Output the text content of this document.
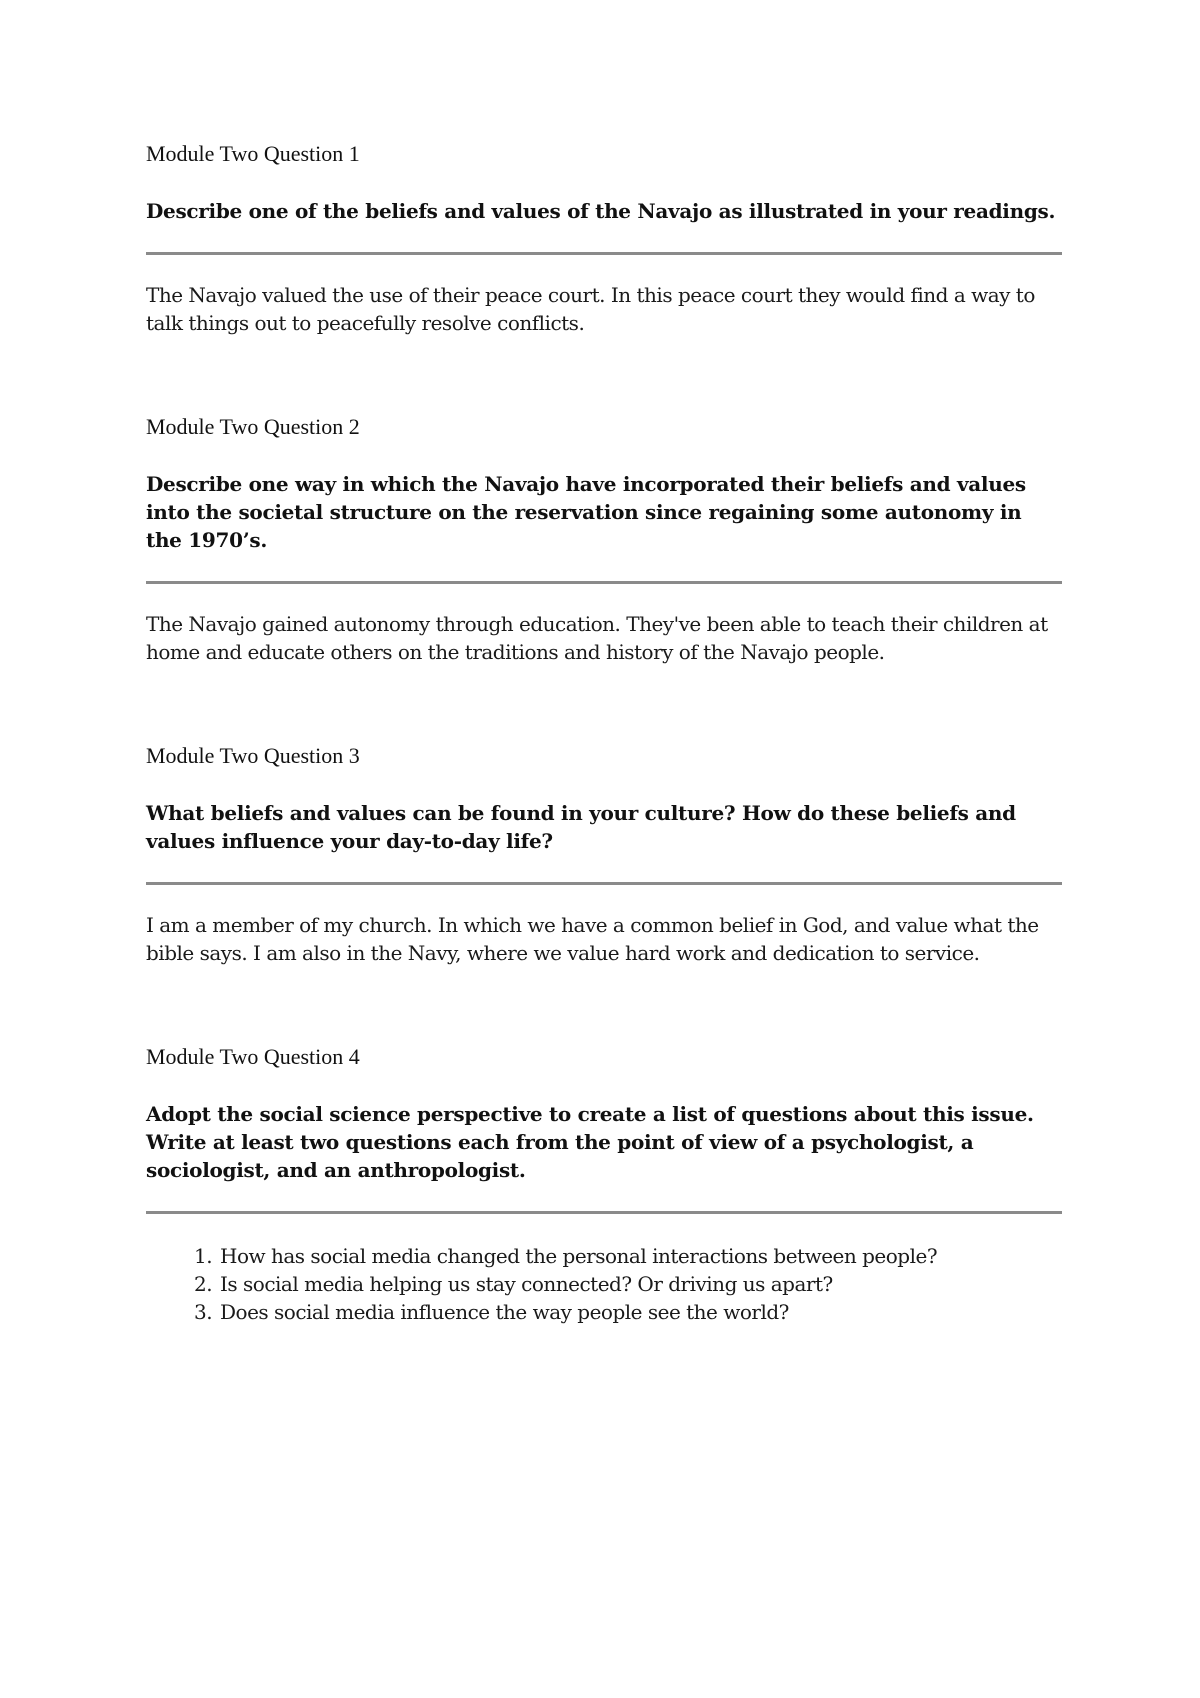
Module Two Question 1

Describe one of the beliefs and values of the Navajo as illustrated in your readings.

The Navajo valued the use of their peace court. In this peace court they would find a way to talk things out to peacefully resolve conflicts.

Module Two Question 2

Describe one way in which the Navajo have incorporated their beliefs and values into the societal structure on the reservation since regaining some autonomy in the 1970’s.

The Navajo gained autonomy through education. They've been able to teach their children at home and educate others on the traditions and history of the Navajo people.

Module Two Question 3

What beliefs and values can be found in your culture? How do these beliefs and values influence your day-to-day life?

I am a member of my church. In which we have a common belief in God, and value what the bible says. I am also in the Navy, where we value hard work and dedication to service.

Module Two Question 4

Adopt the social science perspective to create a list of questions about this issue. Write at least two questions each from the point of view of a psychologist, a sociologist, and an anthropologist.

1. How has social media changed the personal interactions between people?
2. Is social media helping us stay connected? Or driving us apart?
3. Does social media influence the way people see the world?
